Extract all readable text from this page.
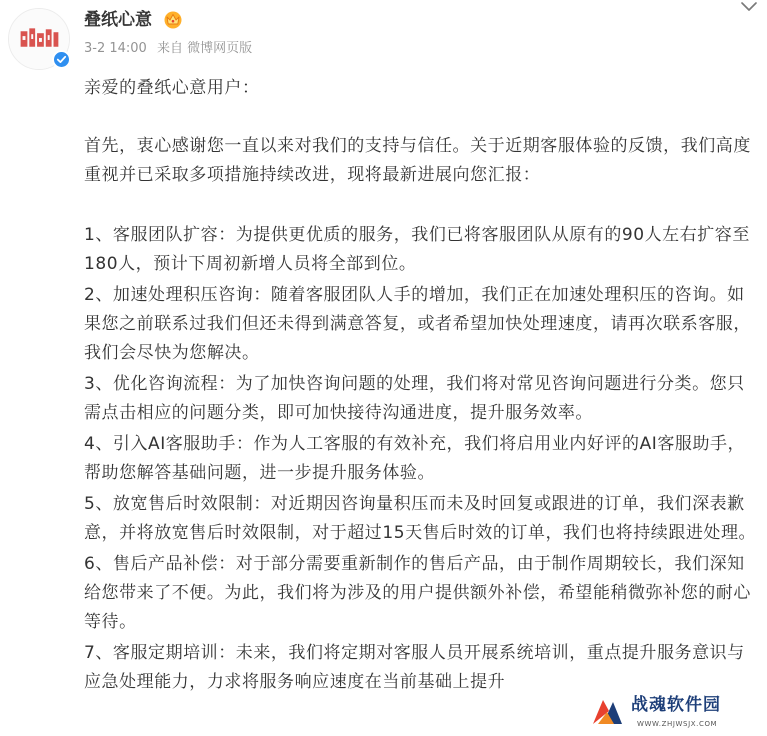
叠纸心意
3-2 14:00 来自 微博网页版

亲爱的叠纸心意用户：

首先，衷心感谢您一直以来对我们的支持与信任。关于近期客服体验的反馈，我们高度重视并已采取多项措施持续改进，现将最新进展向您汇报：

1、客服团队扩容：为提供更优质的服务，我们已将客服团队从原有的90人左右扩容至180人，预计下周初新增人员将全部到位。

2、加速处理积压咨询：随着客服团队人手的增加，我们正在加速处理积压的咨询。如果您之前联系过我们但还未得到满意答复，或者希望加快处理速度，请再次联系客服，我们会尽快为您解决。

3、优化咨询流程：为了加快咨询问题的处理，我们将对常见咨询问题进行分类。您只需点击相应的问题分类，即可加快接待沟通进度，提升服务效率。

4、引入AI客服助手：作为人工客服的有效补充，我们将启用业内好评的AI客服助手，帮助您解答基础问题，进一步提升服务体验。

5、放宽售后时效限制：对近期因咨询量积压而未及时回复或跟进的订单，我们深表歉意，并将放宽售后时效限制，对于超过15天售后时效的订单，我们也将持续跟进处理。

6、售后产品补偿：对于部分需要重新制作的售后产品，由于制作周期较长，我们深知给您带来了不便。为此，我们将为涉及的用户提供额外补偿，希望能稍微弥补您的耐心等待。

7、客服定期培训：未来，我们将定期对客服人员开展系统培训，重点提升服务意识与应急处理能力，力求将服务响应速度在当前基础上提升

战魂软件园
WWW.ZHJWSJX.COM
